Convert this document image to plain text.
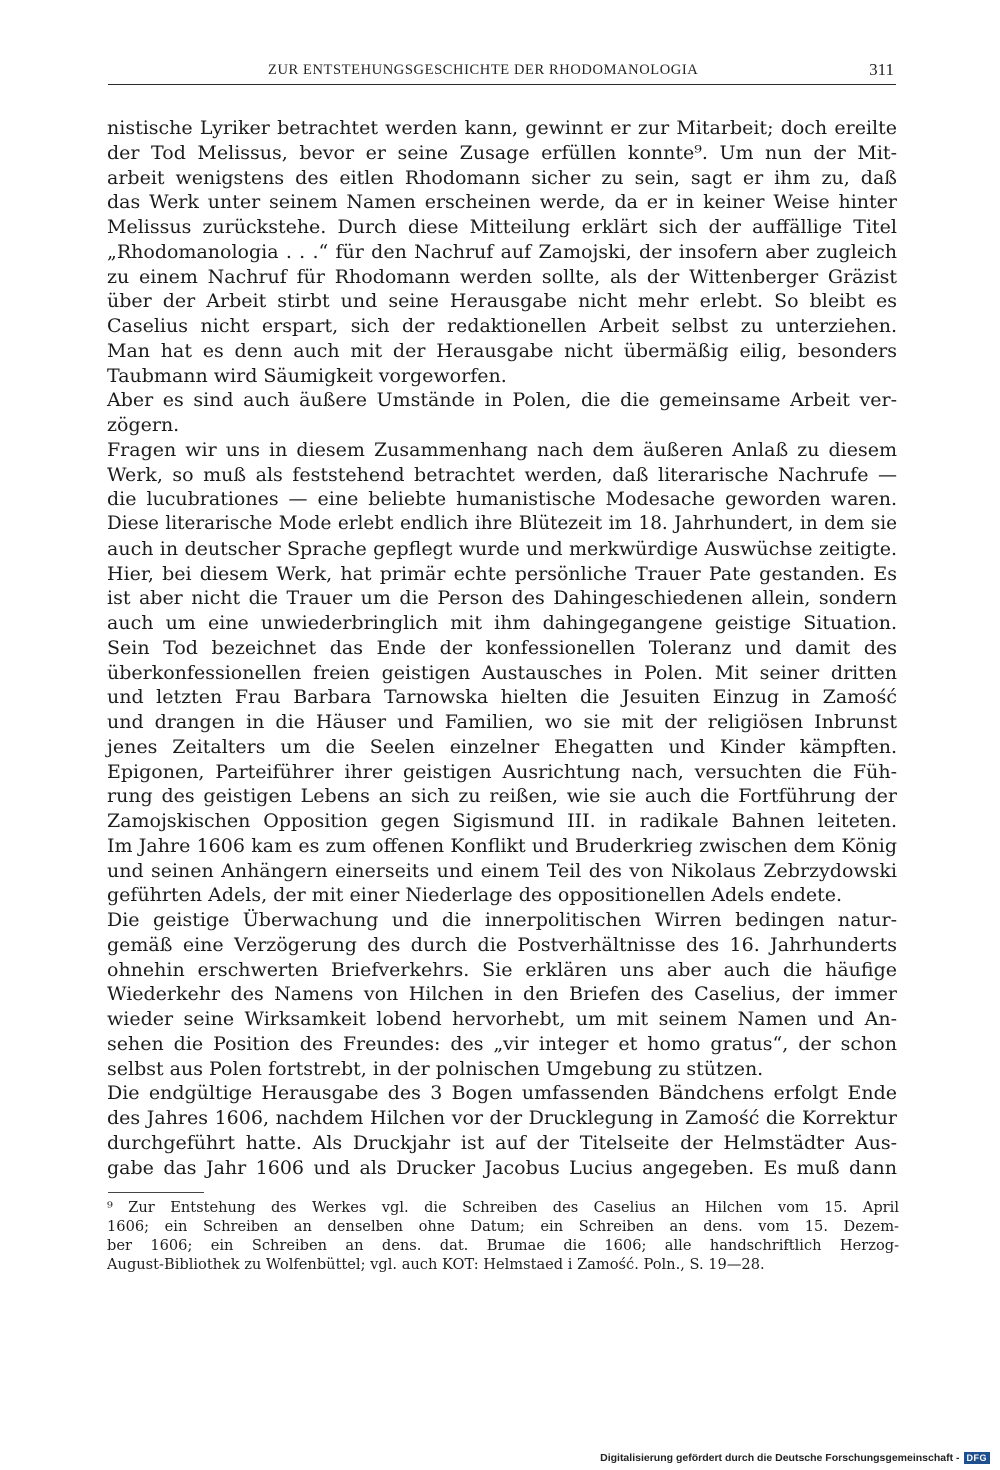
ZUR ENTSTEHUNGSGESCHICHTE DER RHODOMANOLOGIA	311
nistische Lyriker betrachtet werden kann, gewinnt er zur Mitarbeit; doch ereilte
der Tod Melissus, bevor er seine Zusage erfüllen konnte⁹. Um nun der Mit-
arbeit wenigstens des eitlen Rhodomann sicher zu sein, sagt er ihm zu, daß
das Werk unter seinem Namen erscheinen werde, da er in keiner Weise hinter
Melissus zurückstehe. Durch diese Mitteilung erklärt sich der auffällige Titel
„Rhodomanologia . . .“ für den Nachruf auf Zamojski, der insofern aber zugleich
zu einem Nachruf für Rhodomann werden sollte, als der Wittenberger Gräzist
über der Arbeit stirbt und seine Herausgabe nicht mehr erlebt. So bleibt es
Caselius nicht erspart, sich der redaktionellen Arbeit selbst zu unterziehen.
Man hat es denn auch mit der Herausgabe nicht übermäßig eilig, besonders
Taubmann wird Säumigkeit vorgeworfen.
Aber es sind auch äußere Umstände in Polen, die die gemeinsame Arbeit ver-
zögern.
Fragen wir uns in diesem Zusammenhang nach dem äußeren Anlaß zu diesem
Werk, so muß als feststehend betrachtet werden, daß literarische Nachrufe —
die lucubrationes — eine beliebte humanistische Modesache geworden waren.
Diese literarische Mode erlebt endlich ihre Blütezeit im 18. Jahrhundert, in dem sie
auch in deutscher Sprache gepflegt wurde und merkwürdige Auswüchse zeitigte.
Hier, bei diesem Werk, hat primär echte persönliche Trauer Pate gestanden. Es
ist aber nicht die Trauer um die Person des Dahingeschiedenen allein, sondern
auch um eine unwiederbringlich mit ihm dahingegangene geistige Situation.
Sein Tod bezeichnet das Ende der konfessionellen Toleranz und damit des
überkonfessionellen freien geistigen Austausches in Polen. Mit seiner dritten
und letzten Frau Barbara Tarnowska hielten die Jesuiten Einzug in Zamość
und drangen in die Häuser und Familien, wo sie mit der religiösen Inbrunst
jenes Zeitalters um die Seelen einzelner Ehegatten und Kinder kämpften.
Epigonen, Parteiführer ihrer geistigen Ausrichtung nach, versuchten die Füh-
rung des geistigen Lebens an sich zu reißen, wie sie auch die Fortführung der
Zamojskischen Opposition gegen Sigismund III. in radikale Bahnen leiteten.
Im Jahre 1606 kam es zum offenen Konflikt und Bruderkrieg zwischen dem König
und seinen Anhängern einerseits und einem Teil des von Nikolaus Zebrzydowski
geführten Adels, der mit einer Niederlage des oppositionellen Adels endete.
Die geistige Überwachung und die innerpolitischen Wirren bedingen natur-
gemäß eine Verzögerung des durch die Postverhältnisse des 16. Jahrhunderts
ohnehin erschwerten Briefverkehrs. Sie erklären uns aber auch die häufige
Wiederkehr des Namens von Hilchen in den Briefen des Caselius, der immer
wieder seine Wirksamkeit lobend hervorhebt, um mit seinem Namen und An-
sehen die Position des Freundes: des „vir integer et homo gratus“, der schon
selbst aus Polen fortstrebt, in der polnischen Umgebung zu stützen.
Die endgültige Herausgabe des 3 Bogen umfassenden Bändchens erfolgt Ende
des Jahres 1606, nachdem Hilchen vor der Drucklegung in Zamość die Korrektur
durchgeführt hatte. Als Druckjahr ist auf der Titelseite der Helmstädter Aus-
gabe das Jahr 1606 und als Drucker Jacobus Lucius angegeben. Es muß dann
⁹ Zur Entstehung des Werkes vgl. die Schreiben des Caselius an Hilchen vom 15. April
1606; ein Schreiben an denselben ohne Datum; ein Schreiben an dens. vom 15. Dezem-
ber 1606; ein Schreiben an dens. dat. Brumae die 1606; alle handschriftlich Herzog-
August-Bibliothek zu Wolfenbüttel; vgl. auch KOT: Helmstaed i Zamość. Poln., S. 19—28.
Digitalisierung gefördert durch die Deutsche Forschungsgemeinschaft - DFG
